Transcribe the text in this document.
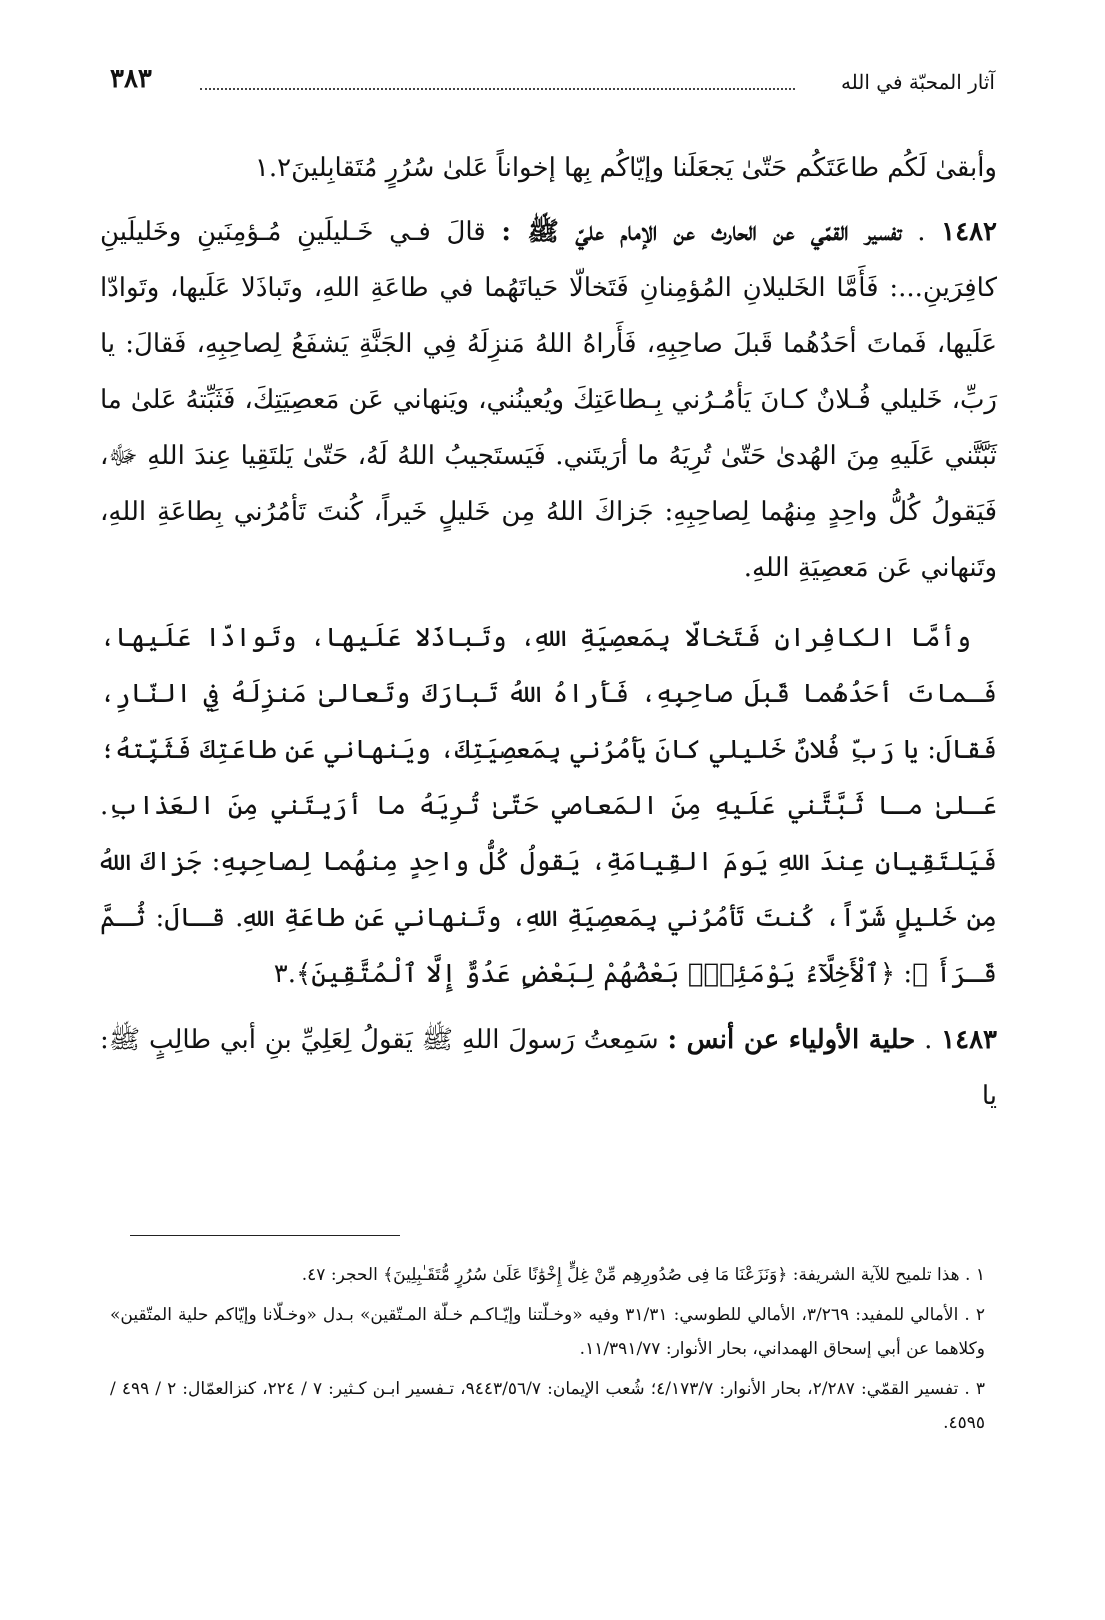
آثار المحبّة في الله
٣٨٣

وأبقىٰ لَكُم طاعَتَكُم حَتّىٰ يَجعَلَنا وإيّاكُم بِها إخواناً عَلىٰ سُرُرٍ مُتَقابِلينَ١.٢

١٤٨٢ . تفسير القمّي عن الحارث عن الإمام عليّ ﷺ : قالَ فـي خَـليلَينِ مُـؤمِنَينِ وخَليلَينِ كافِرَينِ...: فَأَمَّا الخَليلانِ المُؤمِنانِ فَتَخالّا حَياتَهُما في طاعَةِ اللهِ، وتَباذَلا عَلَيها، وتَوادّا عَلَيها، فَماتَ أحَدُهُما قَبلَ صاحِبِهِ، فَأَراهُ اللهُ مَنزِلَهُ فِي الجَنَّةِ يَشفَعُ لِصاحِبِهِ، فَقالَ: يا رَبِّ، خَليلي فُـلانٌ كـانَ يَأمُـرُني بِـطاعَتِكَ ويُعينُني، ويَنهاني عَن مَعصِيَتِكَ، فَثَبِّتهُ عَلىٰ ما ثَبَّتَّني عَلَيهِ مِنَ الهُدىٰ حَتّىٰ تُرِيَهُ ما أرَيتَني. فَيَستَجيبُ اللهُ لَهُ، حَتّىٰ يَلتَقِيا عِندَ اللهِ ﷻ، فَيَقولُ كُلُّ واحِدٍ مِنهُما لِصاحِبِهِ: جَزاكَ اللهُ مِن خَليلٍ خَيراً، كُنتَ تَأمُرُني بِطاعَةِ اللهِ، وتَنهاني عَن مَعصِيَةِ اللهِ.

وأمَّا الكافِرانِ فَتَخالّا بِمَعصِيَةِ اللهِ، وتَباذَلا عَلَيها، وتَوادّا عَلَيها، فَـماتَ أحَدُهُما قَبلَ صاحِبِهِ، فَأَراهُ اللهُ تَبارَكَ وتَعالىٰ مَنزِلَهُ فِي النّارِ، فَقالَ: يا رَبِّ فُلانٌ خَليلي كانَ يَأمُرُني بِمَعصِيَتِكَ، ويَنهاني عَن طاعَتِكَ فَثَبِّتهُ؛ عَـلىٰ مـا ثَبَّتَّني عَلَيهِ مِنَ المَعاصي حَتّىٰ تُرِيَهُ ما أرَيتَني مِنَ العَذابِ. فَيَلتَقِيانِ عِندَ اللهِ يَومَ القِيامَةِ، يَقولُ كُلُّ واحِدٍ مِنهُما لِصاحِبِهِ: جَزاكَ اللهُ مِن خَليلٍ شَرّاً، كُنتَ تَأمُرُني بِمَعصِيَةِ اللهِ، وتَنهاني عَن طاعَةِ اللهِ. قـالَ: ثُـمَّ قَـرَأَ ﷺ: ﴿ٱلْأَخِلَّآءُ يَوْمَئِذٍۭ بَعْضُهُمْ لِبَعْضٍ عَدُوٌّ إِلَّا ٱلْمُتَّقِينَ﴾.٣

١٤٨٣ . حلية الأولياء عن أنس : سَمِعتُ رَسولَ اللهِ ﷺ يَقولُ لِعَلِيِّ بنِ أبي طالِبٍ ﷺ: يا

١ . هذا تلميح للآية الشريفة: ﴿وَنَزَعْنَا مَا فِى صُدُورِهِم مِّنْ غِلٍّ إِخْوَٰنًا عَلَىٰ سُرُرٍ مُّتَقَـٰبِلِينَ﴾ الحجر: ٤٧.

٢ . الأمالي للمفيد: ٣/٢٦٩، الأمالي للطوسي: ٣١/٣١ وفيه «وخـلّتنا وإيّـاكـم خـلّة المـتّقين» بـدل «وخـلّانا وإيّاكم حلية المتّقين» وكلاهما عن أبي إسحاق الهمداني، بحار الأنوار: ١١/٣٩١/٧٧.

٣ . تفسير القمّي: ٢/٢٨٧، بحار الأنوار: ٤/١٧٣/٧؛ شُعب الإيمان: ٩٤٤٣/٥٦/٧، تـفسير ابـن كـثير: ٧ / ٢٢٤، كنزالعمّال: ٢ / ٤٩٩ / ٤٥٩٥.
